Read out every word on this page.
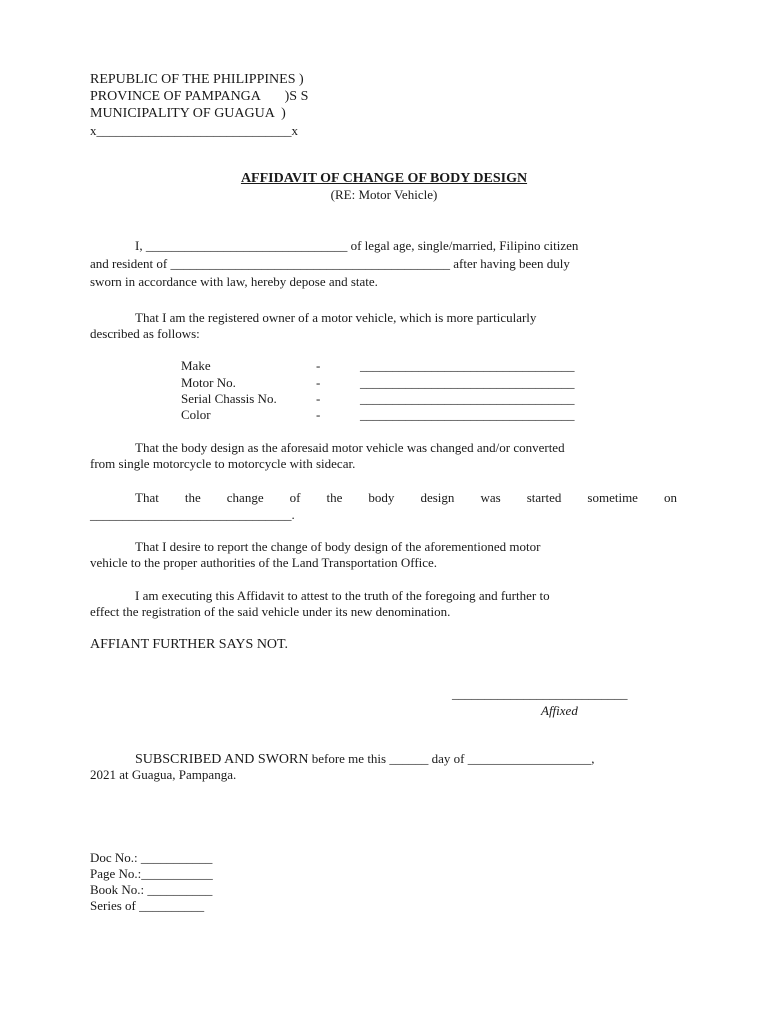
REPUBLIC OF THE PHILIPPINES )
PROVINCE OF PAMPANGA       )S S
MUNICIPALITY OF GUAGUA  )
x______________________________x
AFFIDAVIT OF CHANGE OF BODY DESIGN
(RE: Motor Vehicle)
I, _______________________________ of legal age, single/married, Filipino citizen
and resident of ___________________________________________ after having been duly
sworn in accordance with law, hereby depose and state.
That I am the registered owner of a motor vehicle, which is more particularly
described as follows:
Make	-	_________________________________
Motor No.	-	_________________________________
Serial Chassis No.	-	_________________________________
Color	-	_________________________________
That the body design as the aforesaid motor vehicle was changed and/or converted
from single motorcycle to motorcycle with sidecar.
That the change of the body design was started sometime on
_______________________________.
That I desire to report the change of body design of the aforementioned motor
vehicle to the proper authorities of the Land Transportation Office.
I am executing this Affidavit to attest to the truth of the foregoing and further to
effect the registration of the said vehicle under its new denomination.
AFFIANT FURTHER SAYS NOT.
___________________________
Affixed
SUBSCRIBED AND SWORN before me this ______ day of ___________________,
2021 at Guagua, Pampanga.
Doc No.: ___________
Page No.:___________
Book No.: __________
Series of __________
